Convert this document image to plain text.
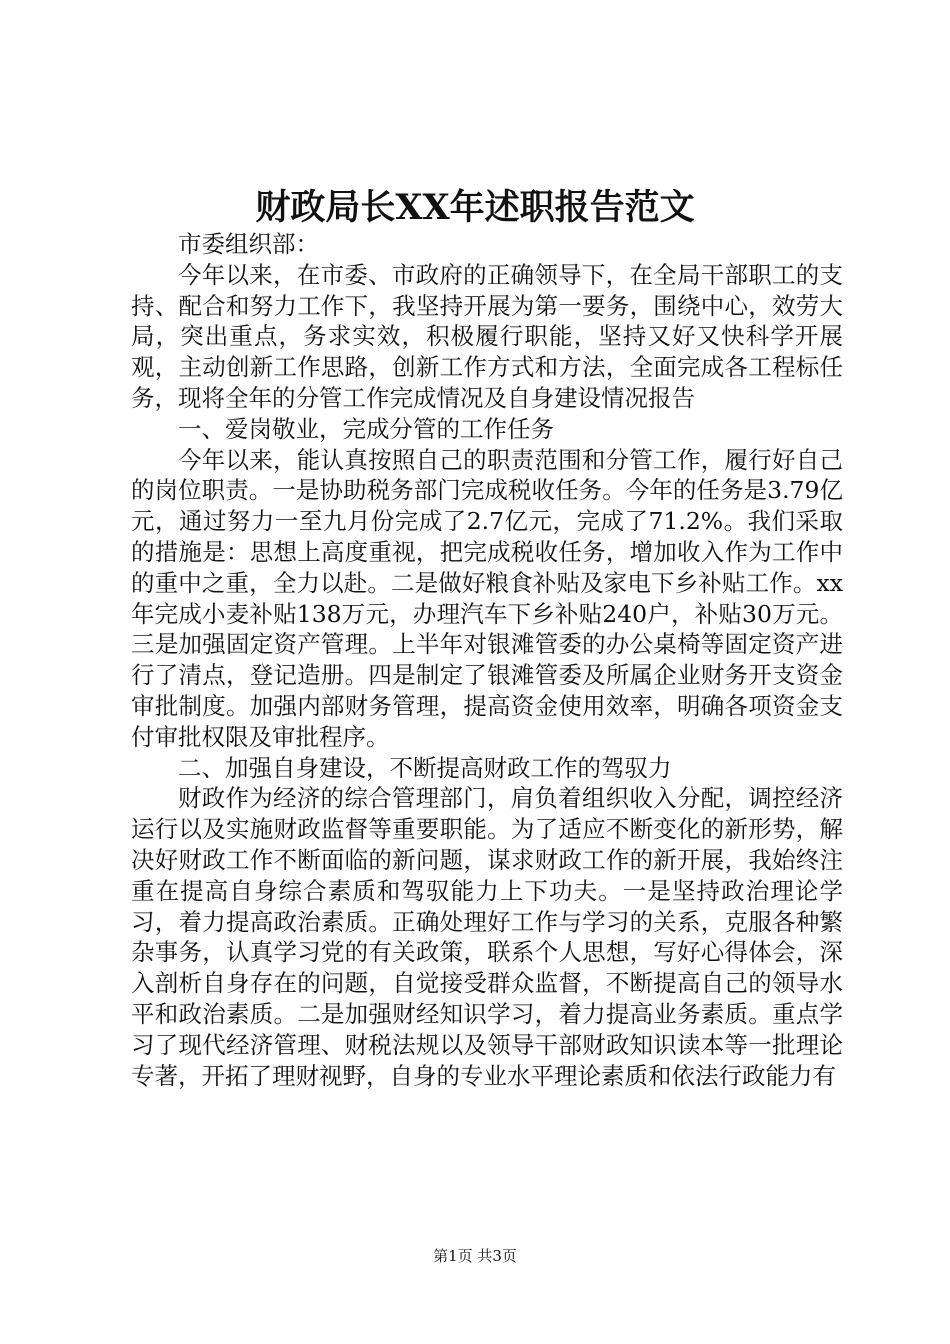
财政局长XX年述职报告范文

市委组织部：

今年以来，在市委、市政府的正确领导下，在全局干部职工的支持、配合和努力工作下，我坚持开展为第一要务，围绕中心，效劳大局，突出重点，务求实效，积极履行职能，坚持又好又快科学开展观，主动创新工作思路，创新工作方式和方法，全面完成各工程标任务，现将全年的分管工作完成情况及自身建设情况报告

一、爱岗敬业，完成分管的工作任务

今年以来，能认真按照自己的职责范围和分管工作，履行好自己的岗位职责。一是协助税务部门完成税收任务。今年的任务是3.79亿元，通过努力一至九月份完成了2.7亿元，完成了71.2%。我们采取的措施是：思想上高度重视，把完成税收任务，增加收入作为工作中的重中之重，全力以赴。二是做好粮食补贴及家电下乡补贴工作。xx年完成小麦补贴138万元，办理汽车下乡补贴240户，补贴30万元。三是加强固定资产管理。上半年对银滩管委的办公桌椅等固定资产进行了清点，登记造册。四是制定了银滩管委及所属企业财务开支资金审批制度。加强内部财务管理，提高资金使用效率，明确各项资金支付审批权限及审批程序。

二、加强自身建设，不断提高财政工作的驾驭力

财政作为经济的综合管理部门，肩负着组织收入分配，调控经济运行以及实施财政监督等重要职能。为了适应不断变化的新形势，解决好财政工作不断面临的新问题，谋求财政工作的新开展，我始终注重在提高自身综合素质和驾驭能力上下功夫。一是坚持政治理论学习，着力提高政治素质。正确处理好工作与学习的关系，克服各种繁杂事务，认真学习党的有关政策，联系个人思想，写好心得体会，深入剖析自身存在的问题，自觉接受群众监督，不断提高自己的领导水平和政治素质。二是加强财经知识学习，着力提高业务素质。重点学习了现代经济管理、财税法规以及领导干部财政知识读本等一批理论专著，开拓了理财视野，自身的专业水平理论素质和依法行政能力有

第1页 共3页
